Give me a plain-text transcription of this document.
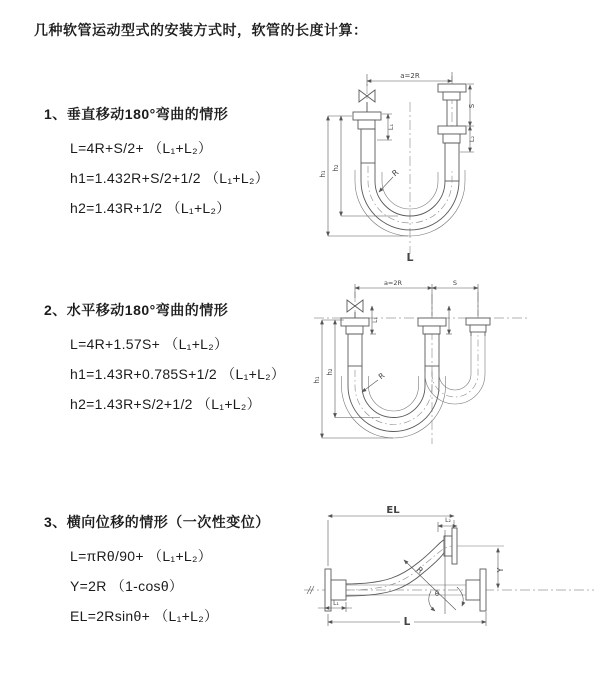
几种软管运动型式的安装方式时，软管的长度计算：
1、垂直移动180°弯曲的情形
L=4R+S/2+ （L₁+L₂）
h1=1.432R+S/2+1/2 （L₁+L₂）
h2=1.43R+1/2 （L₁+L₂）
2、水平移动180°弯曲的情形
L=4R+1.57S+ （L₁+L₂）
h1=1.43R+0.785S+1/2 （L₁+L₂）
h2=1.43R+S/2+1/2 （L₁+L₂）
3、横向位移的情形（一次性变位）
L=πRθ/90+ （L₁+L₂）
Y=2R （1-cosθ）
EL=2Rsinθ+ （L₁+L₂）
a=2R
L₁
S
L₂
h₁
h₂	R
L
a=2R	S
L₁
h₁
h₂	R
θ
R
EL
L₂
Y
L₁
L
